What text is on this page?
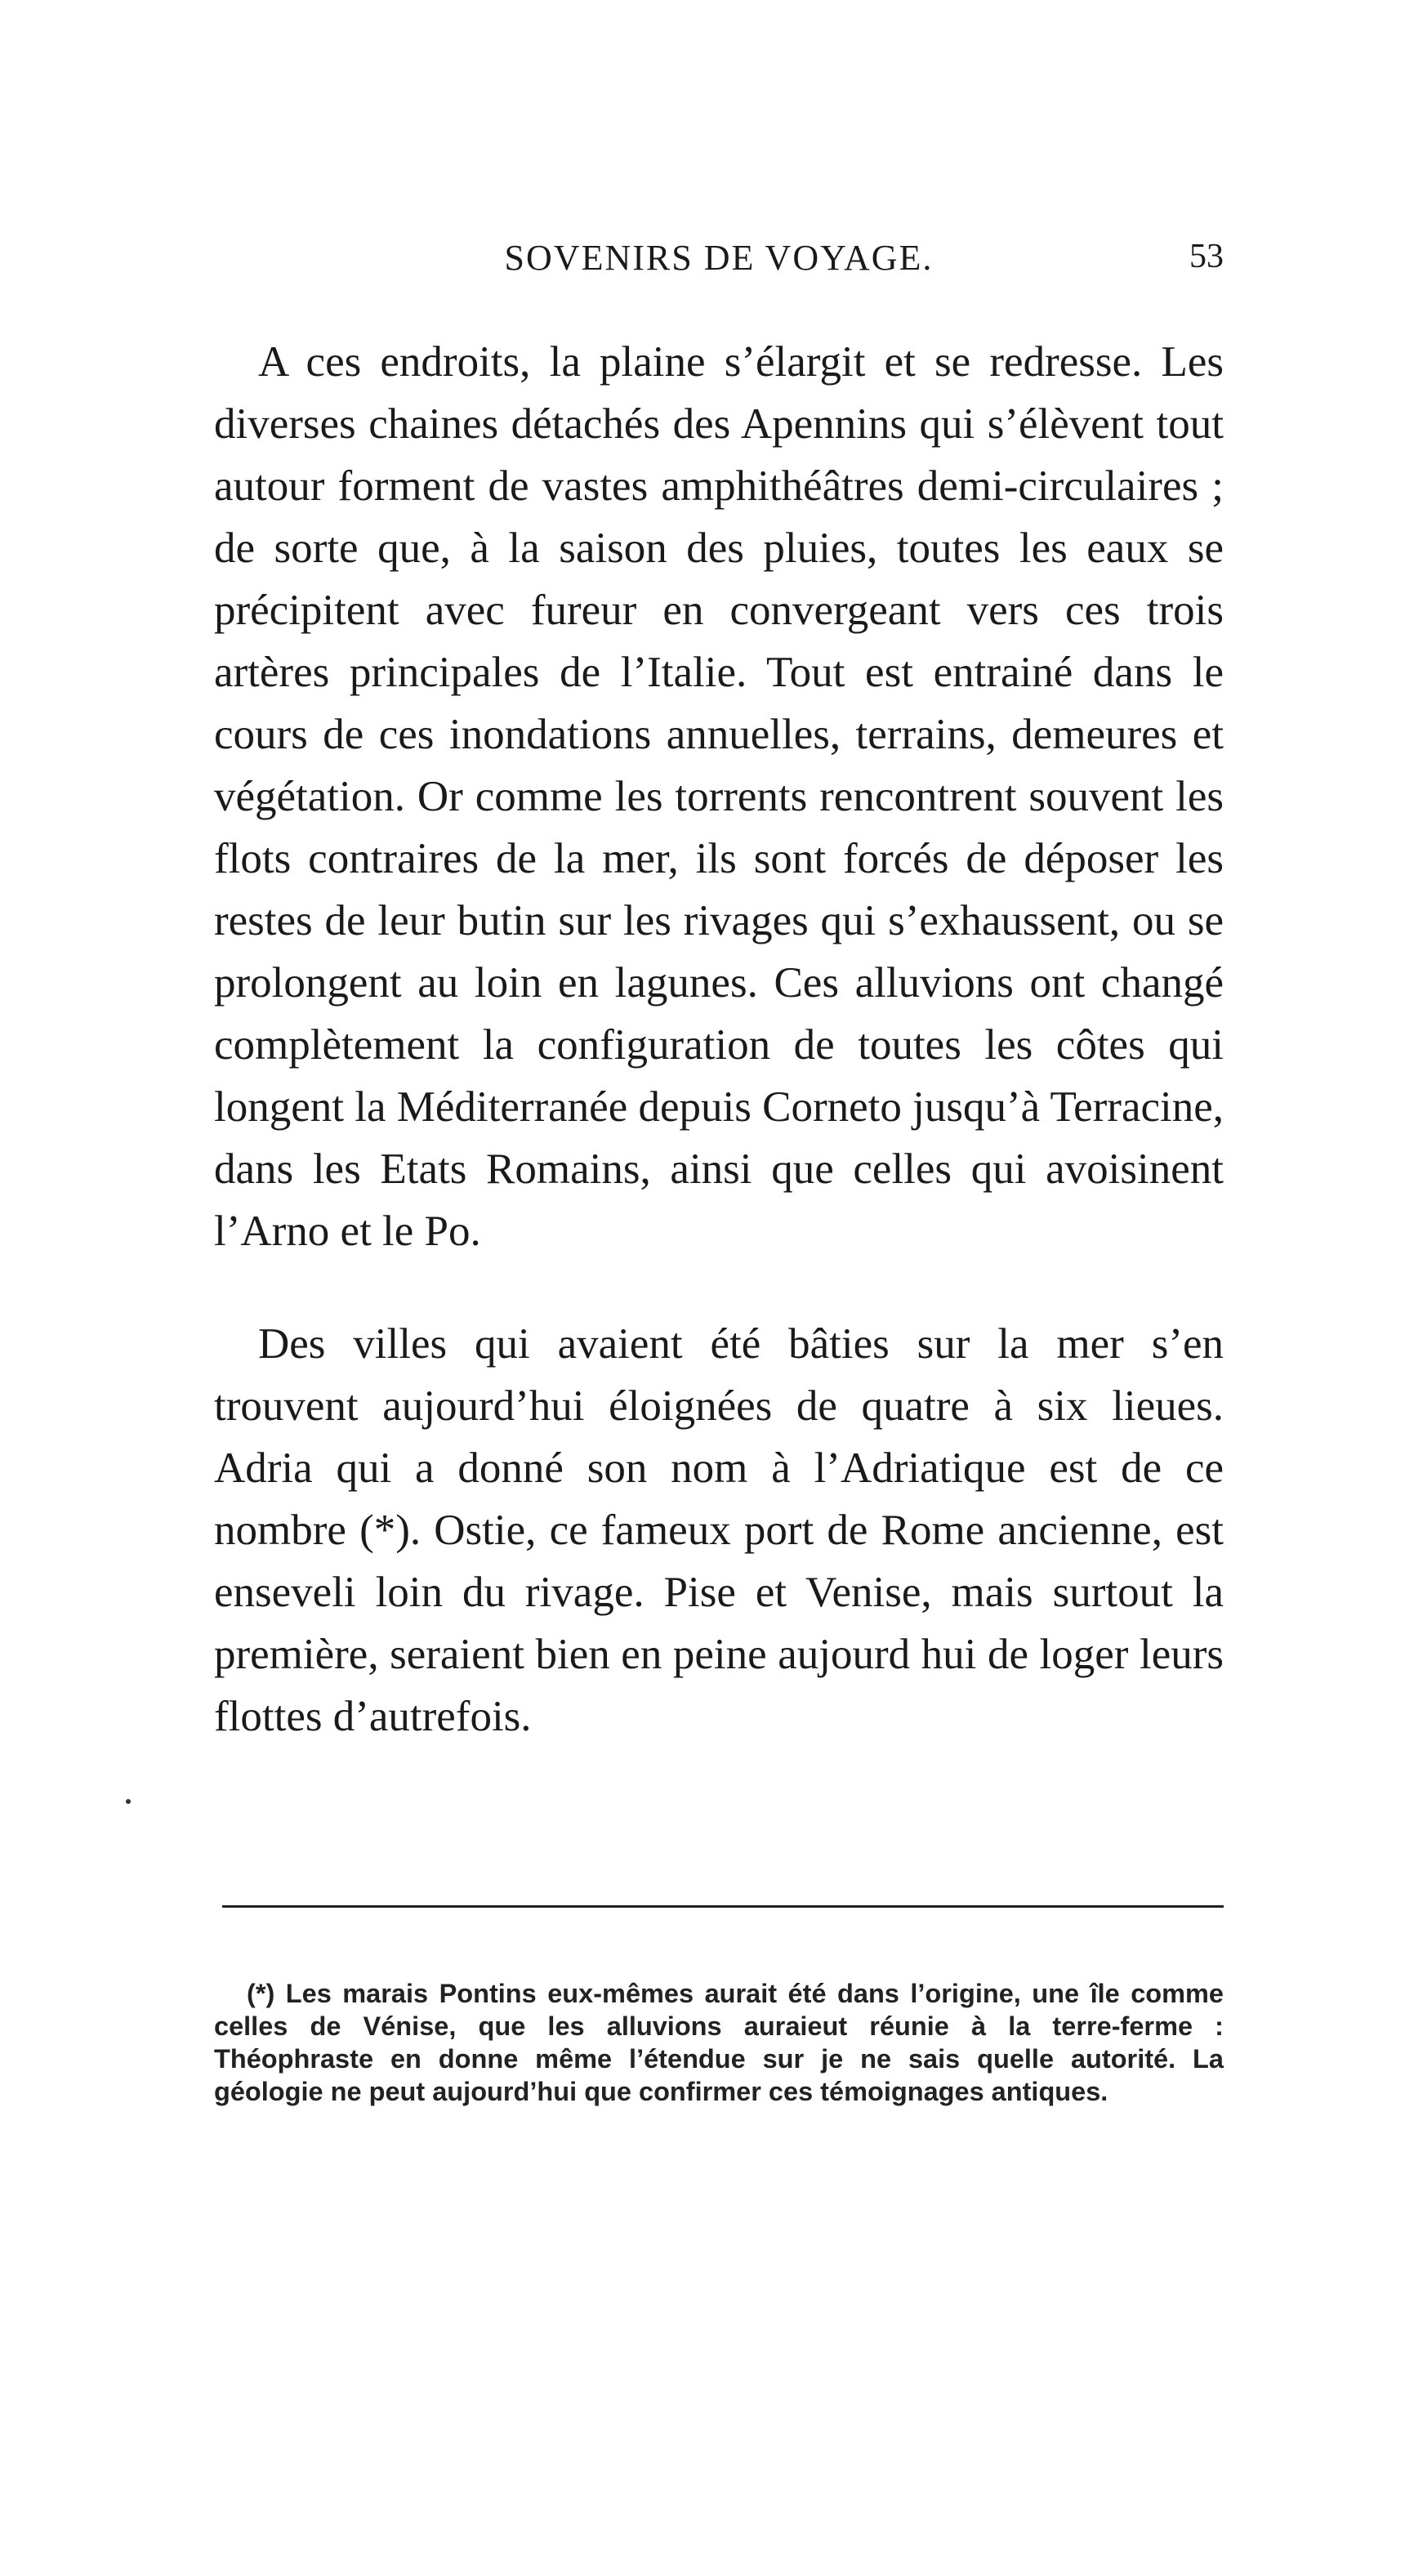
SOVENIRS DE VOYAGE.	53

A ces endroits, la plaine s’élargit et se redresse. Les diverses chaines détachés des Apennins qui s’élèvent tout autour forment de vastes amphithéâtres demi-circulaires ; de sorte que, à la saison des pluies, toutes les eaux se précipitent avec fureur en convergeant vers ces trois artères principales de l’Italie. Tout est entrainé dans le cours de ces inondations annuelles, terrains, demeures et végétation. Or comme les torrents rencontrent souvent les flots contraires de la mer, ils sont forcés de déposer les restes de leur butin sur les rivages qui s’exhaussent, ou se prolongent au loin en lagunes. Ces alluvions ont changé complètement la configuration de toutes les côtes qui longent la Méditerranée depuis Corneto jusqu’à Terracine, dans les Etats Romains, ainsi que celles qui avoisinent l’Arno et le Po.

Des villes qui avaient été bâties sur la mer s’en trouvent aujourd’hui éloignées de quatre à six lieues. Adria qui a donné son nom à l’Adriatique est de ce nombre (*). Ostie, ce fameux port de Rome ancienne, est enseveli loin du rivage. Pise et Venise, mais surtout la première, seraient bien en peine aujourd hui de loger leurs flottes d’autrefois.

(*) Les marais Pontins eux-mêmes aurait été dans l’origine, une île comme celles de Vénise, que les alluvions auraieut réunie à la terre-ferme : Théophraste en donne même l’étendue sur je ne sais quelle autorité. La géologie ne peut aujourd’hui que confirmer ces témoignages antiques.
